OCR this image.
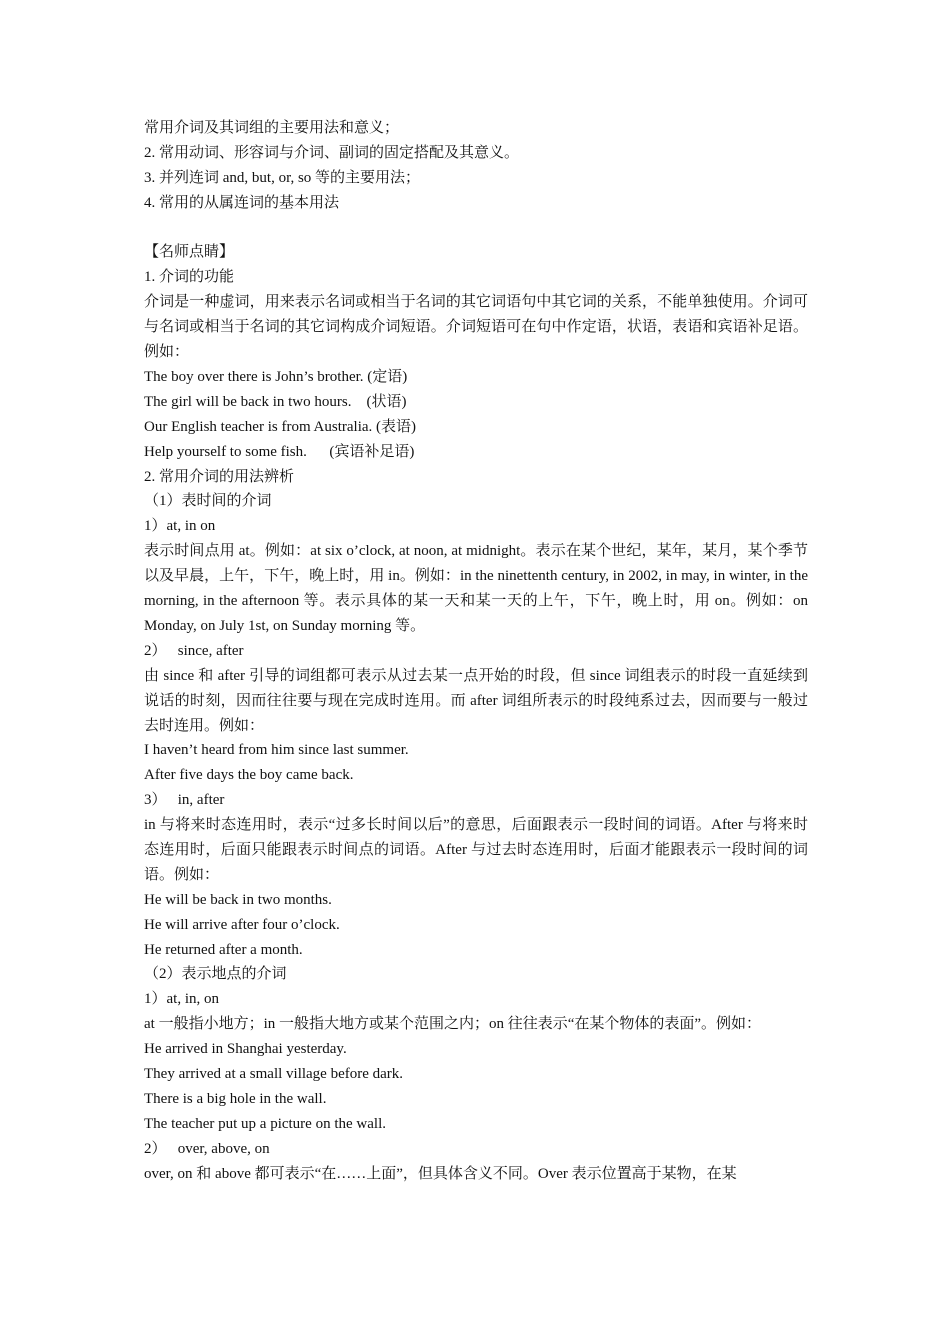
常用介词及其词组的主要用法和意义；
2. 常用动词、形容词与介词、副词的固定搭配及其意义。
3. 并列连词 and, but, or, so 等的主要用法；
4. 常用的从属连词的基本用法
【名师点睛】
1. 介词的功能
介词是一种虚词，用来表示名词或相当于名词的其它词语句中其它词的关系，不能单独使用。介词可与名词或相当于名词的其它词构成介词短语。介词短语可在句中作定语，状语，表语和宾语补足语。例如：
The boy over there is John’s brother. (定语)
The girl will be back in two hours.    (状语)
Our English teacher is from Australia. (表语)
Help yourself to some fish.      (宾语补足语)
2. 常用介词的用法辨析
（1）表时间的介词
1）at, in on
表示时间点用 at。例如：at six o’clock, at noon, at midnight。表示在某个世纪，某年，某月，某个季节以及早晨，上午，下午，晚上时，用 in。例如：in the ninettenth century, in 2002, in may, in winter, in the morning, in the afternoon 等。表示具体的某一天和某一天的上午，下午，晚上时，用 on。例如：on Monday, on July 1st, on Sunday morning 等。
2）   since, after
由 since 和 after 引导的词组都可表示从过去某一点开始的时段，但 since 词组表示的时段一直延续到说话的时刻，因而往往要与现在完成时连用。而 after 词组所表示的时段纯系过去，因而要与一般过去时连用。例如：
I haven’t heard from him since last summer.
After five days the boy came back.
3）   in, after
in 与将来时态连用时，表示“过多长时间以后”的意思，后面跟表示一段时间的词语。After 与将来时态连用时，后面只能跟表示时间点的词语。After 与过去时态连用时，后面才能跟表示一段时间的词语。例如：
He will be back in two months.
He will arrive after four o’clock.
He returned after a month.
（2）表示地点的介词
1）at, in, on
at 一般指小地方；in 一般指大地方或某个范围之内；on 往往表示“在某个物体的表面”。例如：
He arrived in Shanghai yesterday.
They arrived at a small village before dark.
There is a big hole in the wall.
The teacher put up a picture on the wall.
2）   over, above, on
over, on 和 above 都可表示“在……上面”，但具体含义不同。Over 表示位置高于某物，在某
